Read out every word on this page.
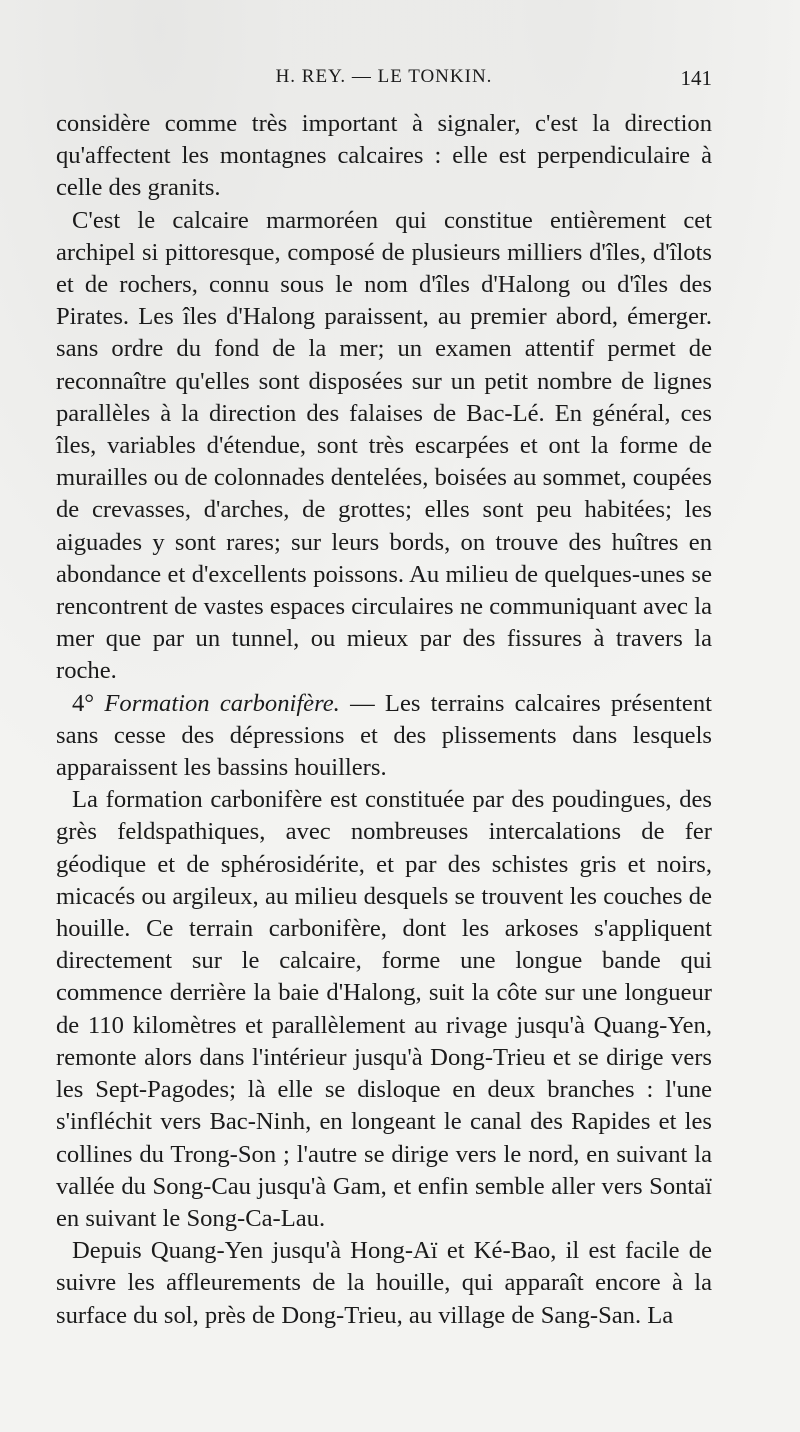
H. REY. — LE TONKIN.	141

considère comme très important à signaler, c'est la direction qu'affectent les montagnes calcaires : elle est perpendiculaire à celle des granits.

C'est le calcaire marmoréen qui constitue entièrement cet archipel si pittoresque, composé de plusieurs milliers d'îles, d'îlots et de rochers, connu sous le nom d'îles d'Halong ou d'îles des Pirates. Les îles d'Halong paraissent, au premier abord, émerger. sans ordre du fond de la mer; un examen attentif permet de reconnaître qu'elles sont disposées sur un petit nombre de lignes parallèles à la direction des falaises de Bac-Lé. En général, ces îles, variables d'étendue, sont très escarpées et ont la forme de murailles ou de colonnades dentelées, boisées au sommet, coupées de crevasses, d'arches, de grottes; elles sont peu habitées; les aiguades y sont rares; sur leurs bords, on trouve des huîtres en abondance et d'excellents poissons. Au milieu de quelques-unes se rencontrent de vastes espaces circulaires ne communiquant avec la mer que par un tunnel, ou mieux par des fissures à travers la roche.

4° Formation carbonifère. — Les terrains calcaires présentent sans cesse des dépressions et des plissements dans lesquels apparaissent les bassins houillers.

La formation carbonifère est constituée par des poudingues, des grès feldspathiques, avec nombreuses intercalations de fer géodique et de sphérosidérite, et par des schistes gris et noirs, micacés ou argileux, au milieu desquels se trouvent les couches de houille. Ce terrain carbonifère, dont les arkoses s'appliquent directement sur le calcaire, forme une longue bande qui commence derrière la baie d'Halong, suit la côte sur une longueur de 110 kilomètres et parallèlement au rivage jusqu'à Quang-Yen, remonte alors dans l'intérieur jusqu'à Dong-Trieu et se dirige vers les Sept-Pagodes; là elle se disloque en deux branches : l'une s'infléchit vers Bac-Ninh, en longeant le canal des Rapides et les collines du Trong-Son ; l'autre se dirige vers le nord, en suivant la vallée du Song-Cau jusqu'à Gam, et enfin semble aller vers Sontaï en suivant le Song-Ca-Lau.

Depuis Quang-Yen jusqu'à Hong-Aï et Ké-Bao, il est facile de suivre les affleurements de la houille, qui apparaît encore à la surface du sol, près de Dong-Trieu, au village de Sang-San. La
